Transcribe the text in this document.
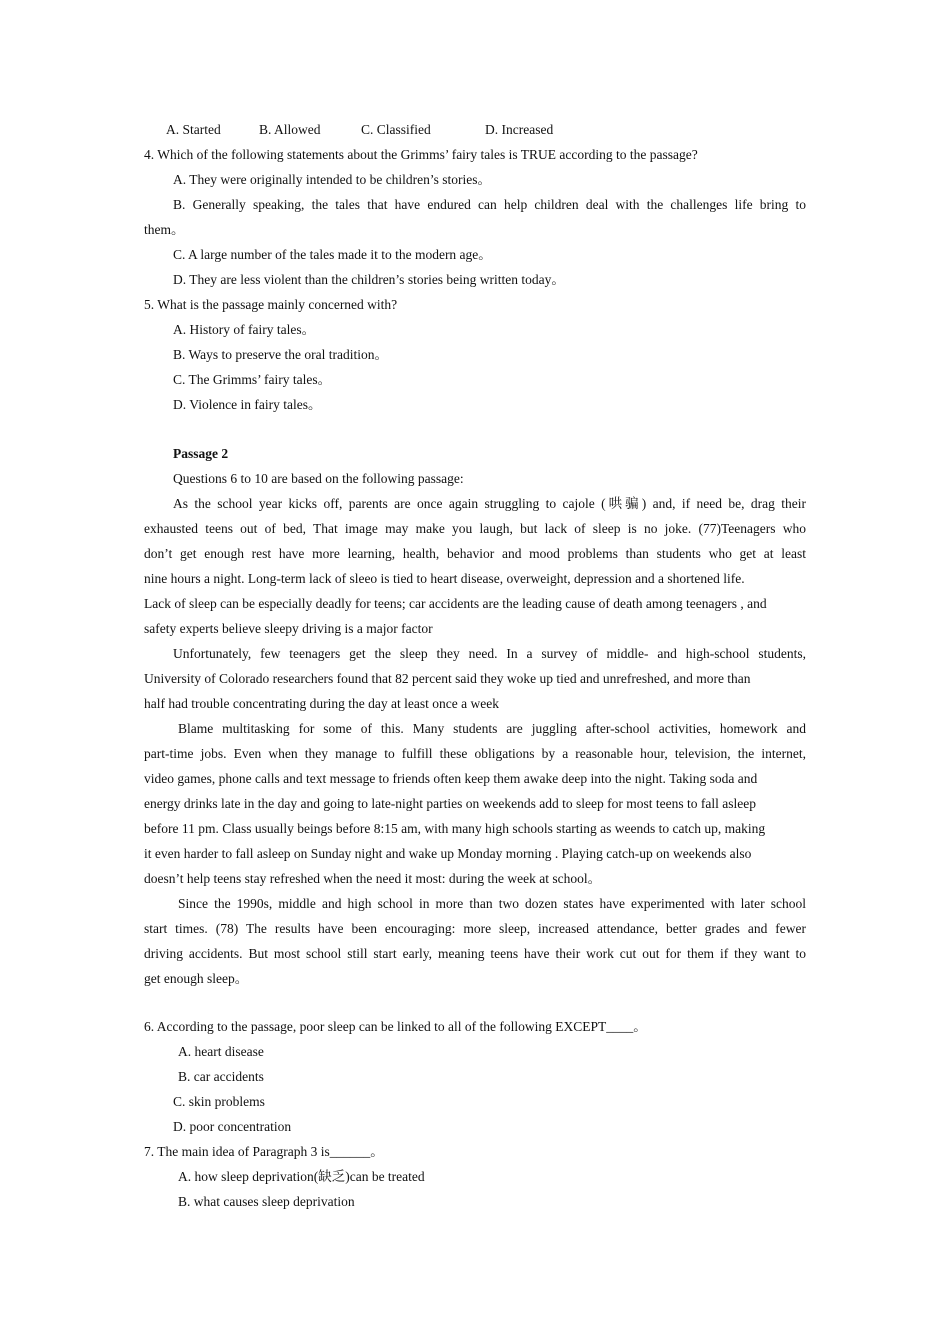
A. Started	B. Allowed	C. Classified	D. Increased
4. Which of the following statements about the Grimms’ fairy tales is TRUE according to the passage?
A. They were originally intended to be children’s stories。
B. Generally speaking, the tales that have endured can help children deal with the challenges life bring to
them。
C. A large number of the tales made it to the modern age。
D. They are less violent than the children’s stories being written today。
5. What is the passage mainly concerned with?
A. History of fairy tales。
B. Ways to preserve the oral tradition。
C. The Grimms’ fairy tales。
D. Violence in fairy tales。
Passage 2
Questions 6 to 10 are based on the following passage:
As the school year kicks off, parents are once again struggling to cajole (哄骗) and, if need be, drag their
exhausted teens out of bed, That image may make you laugh, but lack of sleep is no joke. (77)Teenagers who
don’t get enough rest have more learning, health, behavior and mood problems than students who get at least
nine hours a night. Long-term lack of sleeo is tied to heart disease, overweight, depression and a shortened life.
Lack of sleep can be especially deadly for teens; car accidents are the leading cause of death among teenagers , and
safety experts believe sleepy driving is a major factor
Unfortunately, few teenagers get the sleep they need. In a survey of middle- and high-school students,
University of Colorado researchers found that 82 percent said they woke up tied and unrefreshed, and more than
half had trouble concentrating during the day at least once a week
Blame multitasking for some of this. Many students are juggling after-school activities, homework and
part-time jobs. Even when they manage to fulfill these obligations by a reasonable hour, television, the internet,
video games, phone calls and text message to friends often keep them awake deep into the night. Taking soda and
energy drinks late in the day and going to late-night parties on weekends add to sleep for most teens to fall asleep
before 11 pm. Class usually beings before 8:15 am, with many high schools starting as weends to catch up, making
it even harder to fall asleep on Sunday night and wake up Monday morning . Playing catch-up on weekends also
doesn’t help teens stay refreshed when the need it most: during the week at school。
Since the 1990s, middle and high school in more than two dozen states have experimented with later school
start times. (78) The results have been encouraging: more sleep, increased attendance, better grades and fewer
driving accidents. But most school still start early, meaning teens have their work cut out for them if they want to
get enough sleep。
6. According to the passage, poor sleep can be linked to all of the following EXCEPT____。
A. heart disease
B. car accidents
C. skin problems
D. poor concentration
7. The main idea of Paragraph 3 is______。
A. how sleep deprivation(缺乏)can be treated
B. what causes sleep deprivation
